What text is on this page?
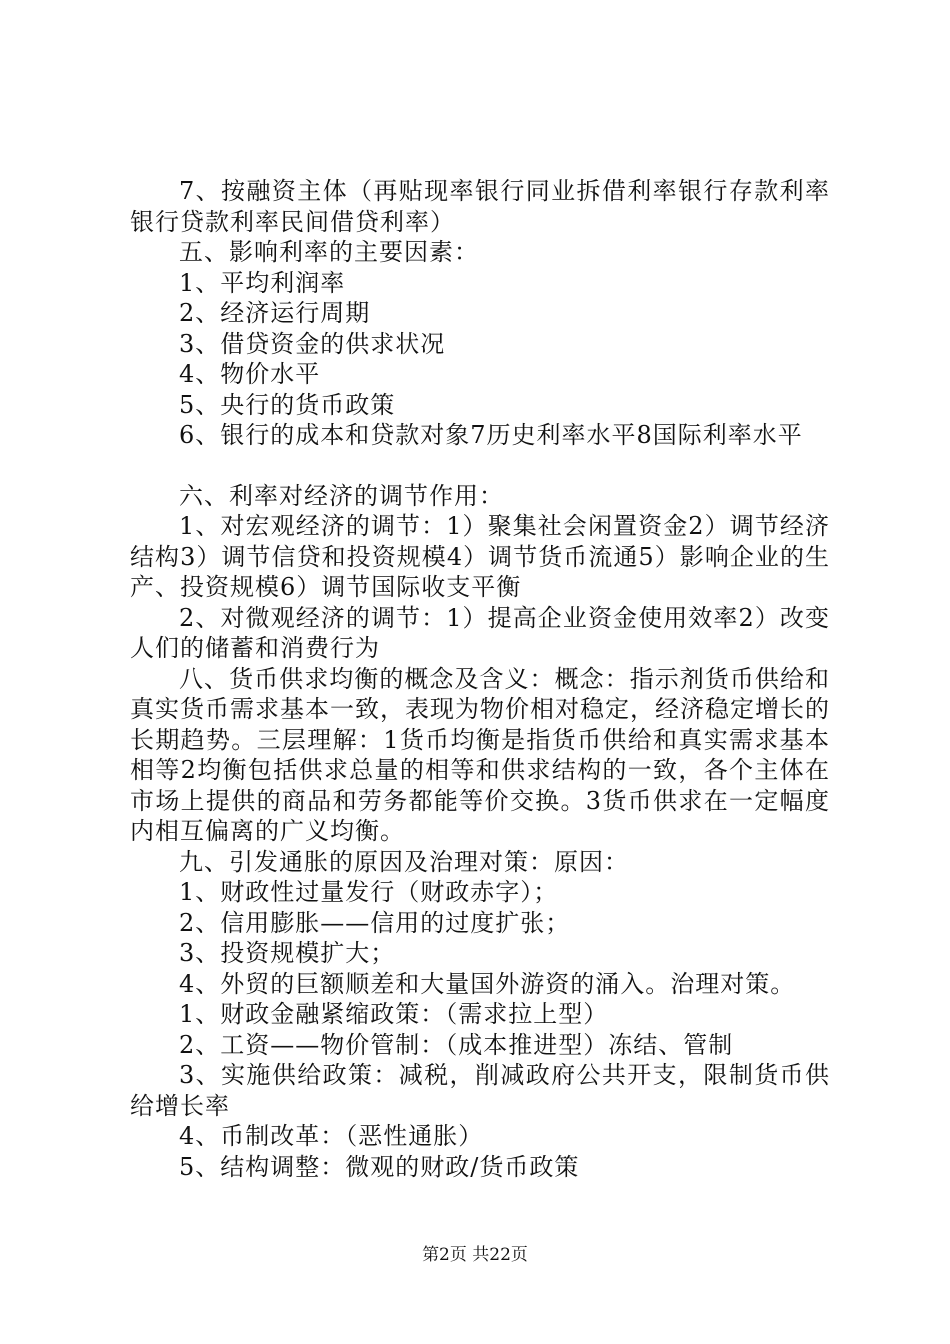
7、按融资主体（再贴现率银行同业拆借利率银行存款利率银行贷款利率民间借贷利率）

五、影响利率的主要因素：

1、平均利润率

2、经济运行周期

3、借贷资金的供求状况

4、物价水平

5、央行的货币政策

6、银行的成本和贷款对象7历史利率水平8国际利率水平

六、利率对经济的调节作用：

1、对宏观经济的调节：1）聚集社会闲置资金2）调节经济结构3）调节信贷和投资规模4）调节货币流通5）影响企业的生产、投资规模6）调节国际收支平衡

2、对微观经济的调节：1）提高企业资金使用效率2）改变人们的储蓄和消费行为

八、货币供求均衡的概念及含义：概念：指示剂货币供给和真实货币需求基本一致，表现为物价相对稳定，经济稳定增长的长期趋势。三层理解：1货币均衡是指货币供给和真实需求基本相等2均衡包括供求总量的相等和供求结构的一致，各个主体在市场上提供的商品和劳务都能等价交换。3货币供求在一定幅度内相互偏离的广义均衡。

九、引发通胀的原因及治理对策：原因：

1、财政性过量发行（财政赤字）；

2、信用膨胀——信用的过度扩张；

3、投资规模扩大；

4、外贸的巨额顺差和大量国外游资的涌入。治理对策。

1、财政金融紧缩政策：（需求拉上型）

2、工资——物价管制：（成本推进型）冻结、管制

3、实施供给政策：减税，削减政府公共开支，限制货币供给增长率

4、币制改革：（恶性通胀）

5、结构调整：微观的财政/货币政策

第2页 共22页
